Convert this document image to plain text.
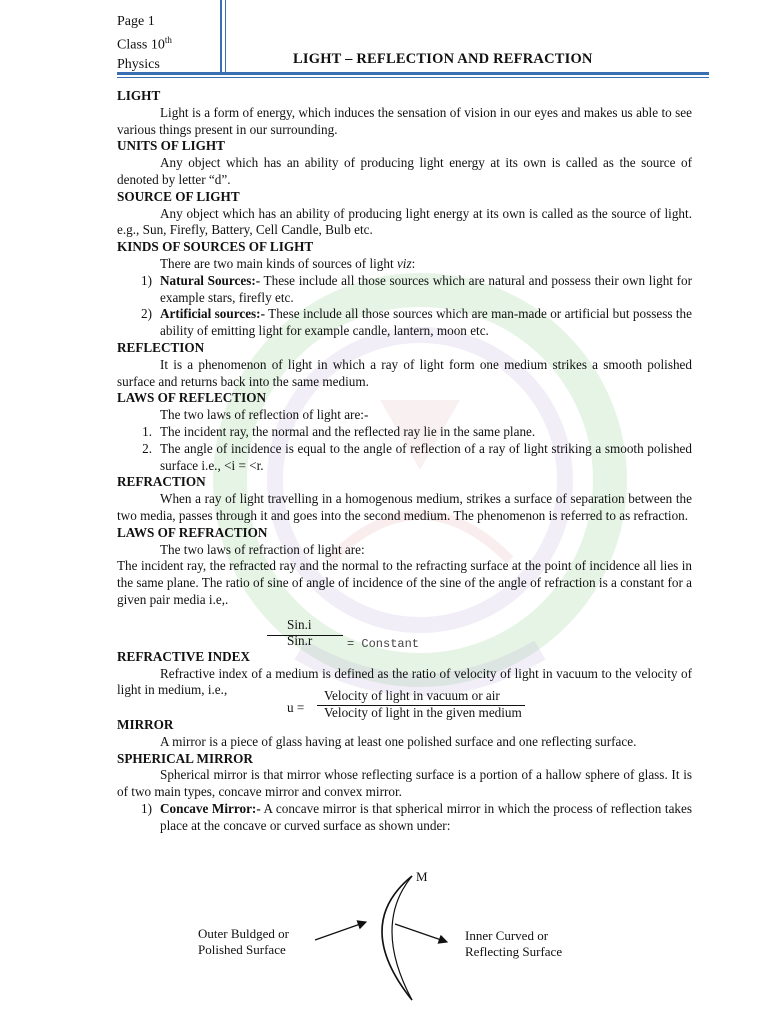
Page 1
Class 10th
Physics	LIGHT – REFLECTION AND REFRACTION

LIGHT

Light is a form of energy, which induces the sensation of vision in our eyes and makes us able to see various things present in our surrounding.

UNITS OF LIGHT

Any object which has an ability of producing light energy at its own is called as the source of denoted by letter “d”.

SOURCE OF LIGHT

Any object which has an ability of producing light energy at its own is called as the source of light. e.g., Sun, Firefly, Battery, Cell Candle, Bulb etc.

KINDS OF SOURCES OF LIGHT

There are two main kinds of sources of light viz:

1) Natural Sources:- These include all those sources which are natural and possess their own light for example stars, firefly etc.
2) Artificial sources:- These include all those sources which are man-made or artificial but possess the ability of emitting light for example candle, lantern, moon etc.

REFLECTION

It is a phenomenon of light in which a ray of light form one medium strikes a smooth polished surface and returns back into the same medium.

LAWS OF REFLECTION

The two laws of reflection of light are:-

1. The incident ray, the normal and the reflected ray lie in the same plane.
2. The angle of incidence is equal to the angle of reflection of a ray of light striking a smooth polished surface i.e., <i = <r.

REFRACTION

When a ray of light travelling in a homogenous medium, strikes a surface of separation between the two media, passes through it and goes into the second medium. The phenomenon is referred to as refraction.

LAWS OF REFRACTION

The two laws of refraction of light are:

The incident ray, the refracted ray and the normal to the refracting surface at the point of incidence all lies in the same plane. The ratio of sine of angle of incidence of the sine of the angle of refraction is a constant for a given pair media i.e,.

Sin.i
Sin.r	= Constant

REFRACTIVE INDEX

Refractive index of a medium is defined as the ratio of velocity of light in vacuum to the velocity of light in medium, i.e.,

u =
Velocity of light in vacuum or air
Velocity of light in the given medium

MIRROR

A mirror is a piece of glass having at least one polished surface and one reflecting surface.

SPHERICAL MIRROR

Spherical mirror is that mirror whose reflecting surface is a portion of a hallow sphere of glass. It is of two main types, concave mirror and convex mirror.

1) Concave Mirror:- A concave mirror is that spherical mirror in which the process of reflection takes place at the concave or curved surface as shown under:
M
Outer Buldged or
Polished Surface
Inner Curved or
Reflecting Surface
